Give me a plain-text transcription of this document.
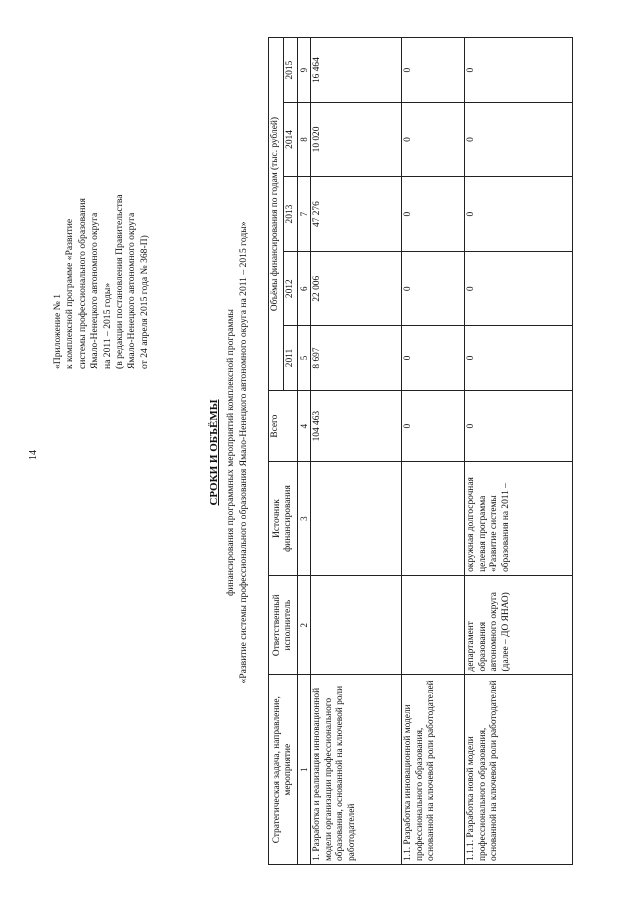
14
«Приложение № 1 к комплексной программе «Развитие системы профессионального образования Ямало-Ненецкого автономного округа на 2011 – 2015 годы» (в редакции постановления Правительства Ямало-Ненецкого автономного округа от 24 апреля 2015 года № 368-П)
СРОКИ И ОБЪЁМЫ финансирования программных мероприятий комплексной программы «Развитие системы профессионального образования Ямало-Ненецкого автономного округа на 2011 – 2015 годы»
Стратегическая задача, направление, мероприятие	Ответственный исполнитель	Источник финансирования	Всего	Объёмы финансирования по годам (тыс. рублей)				
				2011	2012	2013	2014	2015
1	2	3	4	5	6	7	8	9
1. Разработка и реализация инновационной модели организации профессионального образования, основанной на ключевой роли работодателей			104 463	8 697	22 006	47 276	10 020	16 464
1.1. Разработка инновационной модели профессионального образования, основанной на ключевой роли работодателей			0	0	0	0	0	0
1.1.1. Разработка новой модели профессионального образования, основанной на ключевой роли работодателей	департамент образования автономного округа (далее – ДО ЯНАО)	окружная долгосрочная целевая программа «Развитие системы образования на 2011 –	0	0	0	0	0	0
